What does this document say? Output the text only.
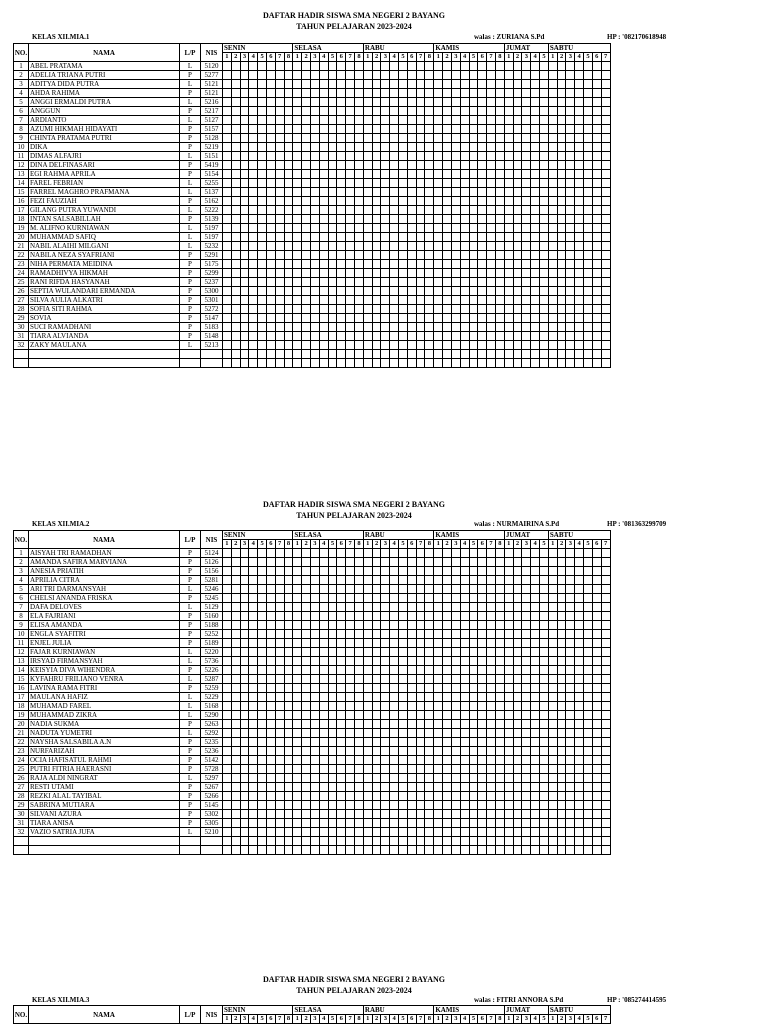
DAFTAR HADIR SISWA SMA NEGERI 2 BAYANG
TAHUN PELAJARAN 2023-2024
KELAS XII.MIA.1	walas : ZURIANA S.Pd	HP : '082170618948
NO.	NAMA	L/P	NIS	SENIN								SELASA								RABU								KAMIS								JUMAT					SABTU						
				1	2	3	4	5	6	7	8	1	2	3	4	5	6	7	8	1	2	3	4	5	6	7	8	1	2	3	4	5	6	7	8	1	2	3	4	5	1	2	3	4	5	6	7
1	ABEL PRATAMA	L	5120																																												
2	ADELIA TRIANA PUTRI	P	5277																																												
3	ADITYA DIDA PUTRA	L	5121																																												
4	AHDA RAHIMA	P	5121																																												
5	ANGGI ERMALDI PUTRA	L	5216																																												
6	ANGGUN	P	5217																																												
7	ARDIANTO	L	5127																																												
8	AZUMI HIKMAH HIDAYATI	P	5157																																												
9	CHINTA PRATAMA PUTRI	P	5128																																												
10	DIKA	P	5219																																												
11	DIMAS ALFAJRI	L	5151																																												
12	DINA DELFINASARI	P	5419																																												
13	EGI RAHMA APRILA	P	5154																																												
14	FAREL FEBRIAN	L	5255																																												
15	FARREL MAGHRO PRAFMANA	L	5137																																												
16	FEZI FAUZIAH	P	5162																																												
17	GILANG PUTRA YUWANDI	L	5222																																												
18	INTAN SALSABILLAH	P	5139																																												
19	M. ALIFNO KURNIAWAN	L	5197																																												
20	MUHAMMAD SAFIQ	L	5197																																												
21	NABIL ALAIHI MILGANI	L	5232																																												
22	NABILA NEZA SYAFRIANI	P	5291																																												
23	NIHA PERMATA MEIDINA	P	5175																																												
24	RAMADHIVYA HIKMAH	P	5299																																												
25	RANI RIFDA HASYANAH	P	5237																																												
26	SEPTIA WULANDARI ERMANDA	P	5300																																												
27	SILVA AULIA ALKATRI	P	5301																																												
28	SOFIA SITI RAHMA	P	5272																																												
29	SOVIA	P	5147																																												
30	SUCI RAMADHANI	P	5183																																												
31	TIARA ALVIANDA	P	5148																																												
32	ZAKY MAULANA	L	5213																																												

DAFTAR HADIR SISWA SMA NEGERI 2 BAYANG
TAHUN PELAJARAN 2023-2024
KELAS XII.MIA.2	walas : NURMAIRINA S.Pd	HP : '081363299709
NO.	NAMA	L/P	NIS	SENIN								SELASA								RABU								KAMIS								JUMAT					SABTU						
				1	2	3	4	5	6	7	8	1	2	3	4	5	6	7	8	1	2	3	4	5	6	7	8	1	2	3	4	5	6	7	8	1	2	3	4	5	1	2	3	4	5	6	7
1	AISYAH TRI RAMADHAN	P	5124																																												
2	AMANDA SAFIRA MARVIANA	P	5126																																												
3	ANESIA PRIATIH	P	5156																																												
4	APRILIA CITRA	P	5281																																												
5	ARI TRI DARMANSYAH	L	5246																																												
6	CHELSI ANANDA FRISKA	P	5245																																												
7	DAFA DELOVES	L	5129																																												
8	ELA FAJRIANI	P	5160																																												
9	ELISA AMANDA	P	5188																																												
10	ENGLA SYAFITRI	P	5252																																												
11	ENJEL JULIA	P	5189																																												
12	FAJAR KURNIAWAN	L	5220																																												
13	IRSYAD FIRMANSYAH	L	5736																																												
14	KEISYIA DIVA WIHENDRA	P	5226																																												
15	KYFAHRU FRILIANO VENRA	L	5287																																												
16	LAVINA RAMA FITRI	P	5259																																												
17	MAULANA HAFIZ	L	5229																																												
18	MUHAMAD FAREL	L	5168																																												
19	MUHAMMAD ZIKRA	L	5290																																												
20	NADIA SUKMA	P	5263																																												
21	NADUTA YUMETRI	L	5292																																												
22	NAYSHA SALSABILA A.N	P	5235																																												
23	NURFARIZAH	P	5236																																												
24	OCIA HAFISATUL RAHMI	P	5142																																												
25	PUTRI FITRIA HAERASNI	P	5728																																												
26	RAJA ALDI NINGRAT	L	5297																																												
27	RESTI UTAMI	P	5267																																												
28	REZKI ALAL TAYIBAL	P	5266																																												
29	SABRINA MUTIARA	P	5145																																												
30	SILVANI AZURA	P	5302																																												
31	TIARA ANISA	P	5305																																												
32	VAZIO SATRIA JUFA	L	5210																																												

DAFTAR HADIR SISWA SMA NEGERI 2 BAYANG
TAHUN PELAJARAN 2023-2024
KELAS XII.MIA.3	walas : FITRI ANNORA S.Pd	HP : '085274414595
NO.	NAMA	L/P	NIS	SENIN								SELASA								RABU								KAMIS								JUMAT					SABTU						
				1	2	3	4	5	6	7	8	1	2	3	4	5	6	7	8	1	2	3	4	5	6	7	8	1	2	3	4	5	6	7	8	1	2	3	4	5	1	2	3	4	5	6	7
